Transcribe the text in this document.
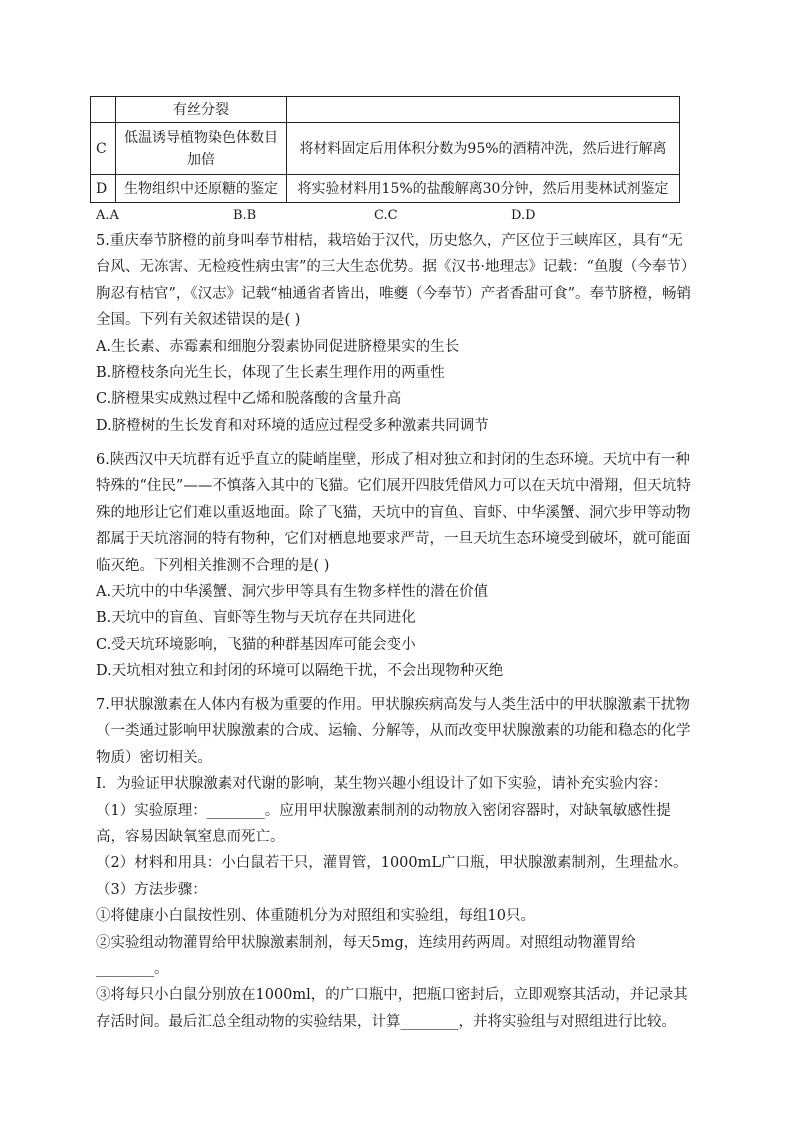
	有丝分裂	
C	低温诱导植物染色体数目加倍	将材料固定后用体积分数为95%的酒精冲洗，然后进行解离
D	生物组织中还原糖的鉴定	将实验材料用15%的盐酸解离30分钟，然后用斐林试剂鉴定
A.A	B.B	C.C	D.D

5.重庆奉节脐橙的前身叫奉节柑桔，栽培始于汉代，历史悠久，产区位于三峡库区，具有“无台风、无冻害、无检疫性病虫害”的三大生态优势。据《汉书·地理志》记载：“鱼腹（今奉节）朐忍有桔官”，《汉志》记载“柚通省者皆出，唯夔（今奉节）产者香甜可食”。奉节脐橙，畅销全国。下列有关叙述错误的是( )

A.生长素、赤霉素和细胞分裂素协同促进脐橙果实的生长

B.脐橙枝条向光生长，体现了生长素生理作用的两重性

C.脐橙果实成熟过程中乙烯和脱落酸的含量升高

D.脐橙树的生长发育和对环境的适应过程受多种激素共同调节

6.陕西汉中天坑群有近乎直立的陡峭崖壁，形成了相对独立和封闭的生态环境。天坑中有一种特殊的“住民”——不慎落入其中的飞猫。它们展开四肢凭借风力可以在天坑中滑翔，但天坑特殊的地形让它们难以重返地面。除了飞猫，天坑中的盲鱼、盲虾、中华溪蟹、洞穴步甲等动物都属于天坑溶洞的特有物种，它们对栖息地要求严苛，一旦天坑生态环境受到破坏，就可能面临灭绝。下列相关推测不合理的是( )

A.天坑中的中华溪蟹、洞穴步甲等具有生物多样性的潜在价值

B.天坑中的盲鱼、盲虾等生物与天坑存在共同进化

C.受天坑环境影响，飞猫的种群基因库可能会变小

D.天坑相对独立和封闭的环境可以隔绝干扰，不会出现物种灭绝

7.甲状腺激素在人体内有极为重要的作用。甲状腺疾病高发与人类生活中的甲状腺激素干扰物（一类通过影响甲状腺激素的合成、运输、分解等，从而改变甲状腺激素的功能和稳态的化学物质）密切相关。

I．为验证甲状腺激素对代谢的影响，某生物兴趣小组设计了如下实验，请补充实验内容：

（1）实验原理：________。应用甲状腺激素制剂的动物放入密闭容器时，对缺氧敏感性提高，容易因缺氧窒息而死亡。

（2）材料和用具：小白鼠若干只，灌胃管，1000mL广口瓶，甲状腺激素制剂，生理盐水。

（3）方法步骤：

①将健康小白鼠按性别、体重随机分为对照组和实验组，每组10只。

②实验组动物灌胃给甲状腺激素制剂，每天5mg，连续用药两周。对照组动物灌胃给________。

③将每只小白鼠分别放在1000ml，的广口瓶中，把瓶口密封后，立即观察其活动，并记录其存活时间。最后汇总全组动物的实验结果，计算________，并将实验组与对照组进行比较。
